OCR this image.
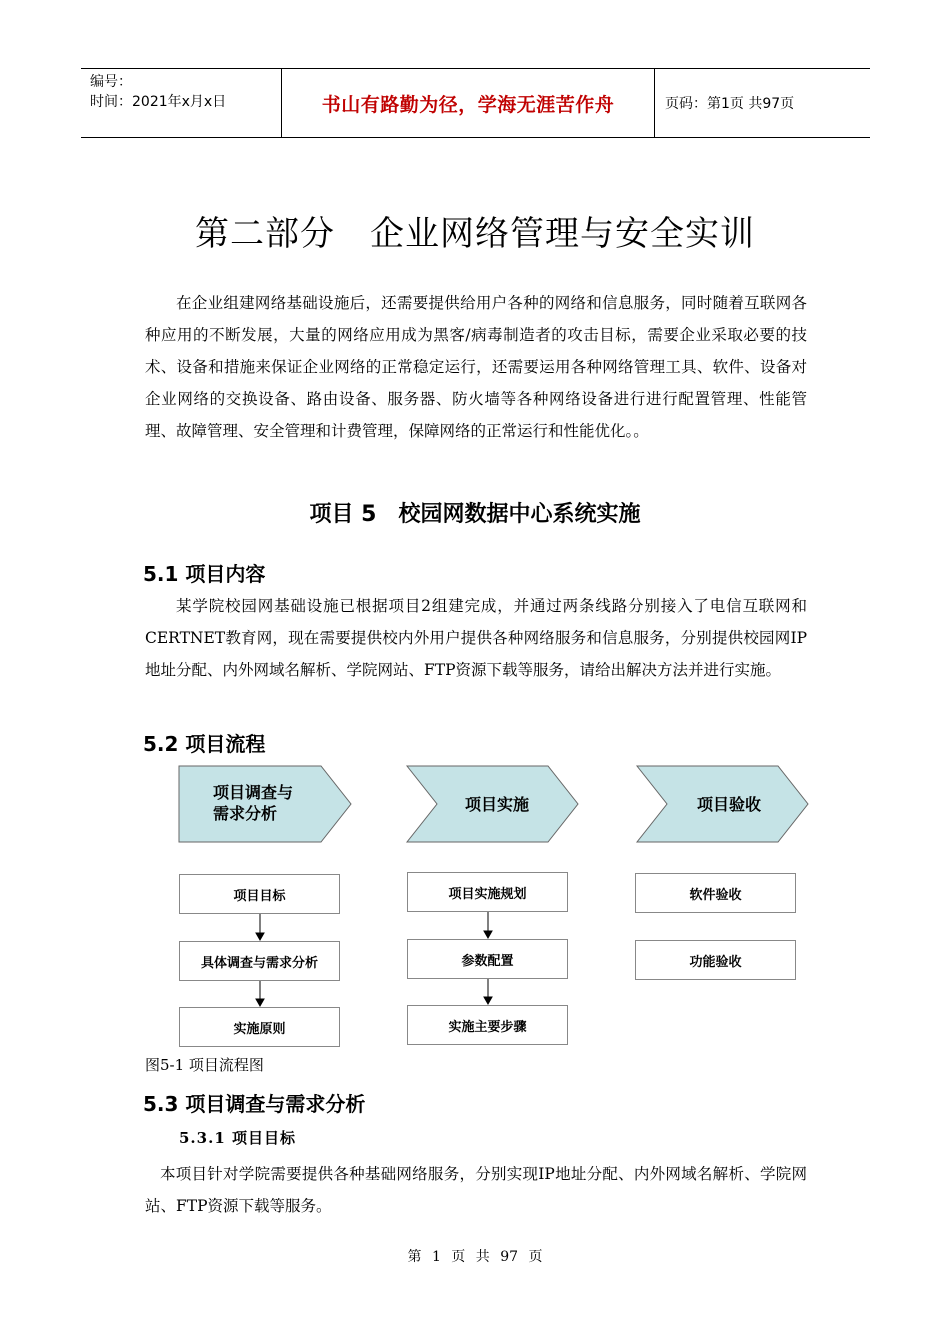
编号：
时间：2021年x月x日	书山有路勤为径，学海无涯苦作舟	页码：第1页 共97页
第二部分　企业网络管理与安全实训
在企业组建网络基础设施后，还需要提供给用户各种的网络和信息服务，同时随着互联网各种应用的不断发展，大量的网络应用成为黑客/病毒制造者的攻击目标，需要企业采取必要的技术、设备和措施来保证企业网络的正常稳定运行，还需要运用各种网络管理工具、软件、设备对企业网络的交换设备、路由设备、服务器、防火墙等各种网络设备进行进行配置管理、性能管理、故障管理、安全管理和计费管理，保障网络的正常运行和性能优化。。
项目 5　校园网数据中心系统实施
5.1 项目内容
某学院校园网基础设施已根据项目2组建完成，并通过两条线路分别接入了电信互联网和CERTNET教育网，现在需要提供校内外用户提供各种网络服务和信息服务，分别提供校园网IP地址分配、内外网域名解析、学院网站、FTP资源下载等服务，请给出解决方法并进行实施。
5.2 项目流程
项目调查与
需求分析	项目实施	项目验收
项目目标
具体调查与需求分析
实施原则
项目实施规划
参数配置
实施主要步骤
软件验收
功能验收
图5-1 项目流程图
5.3 项目调查与需求分析
5.3.1 项目目标
本项目针对学院需要提供各种基础网络服务，分别实现IP地址分配、内外网域名解析、学院网站、FTP资源下载等服务。
第 1 页 共 97 页
